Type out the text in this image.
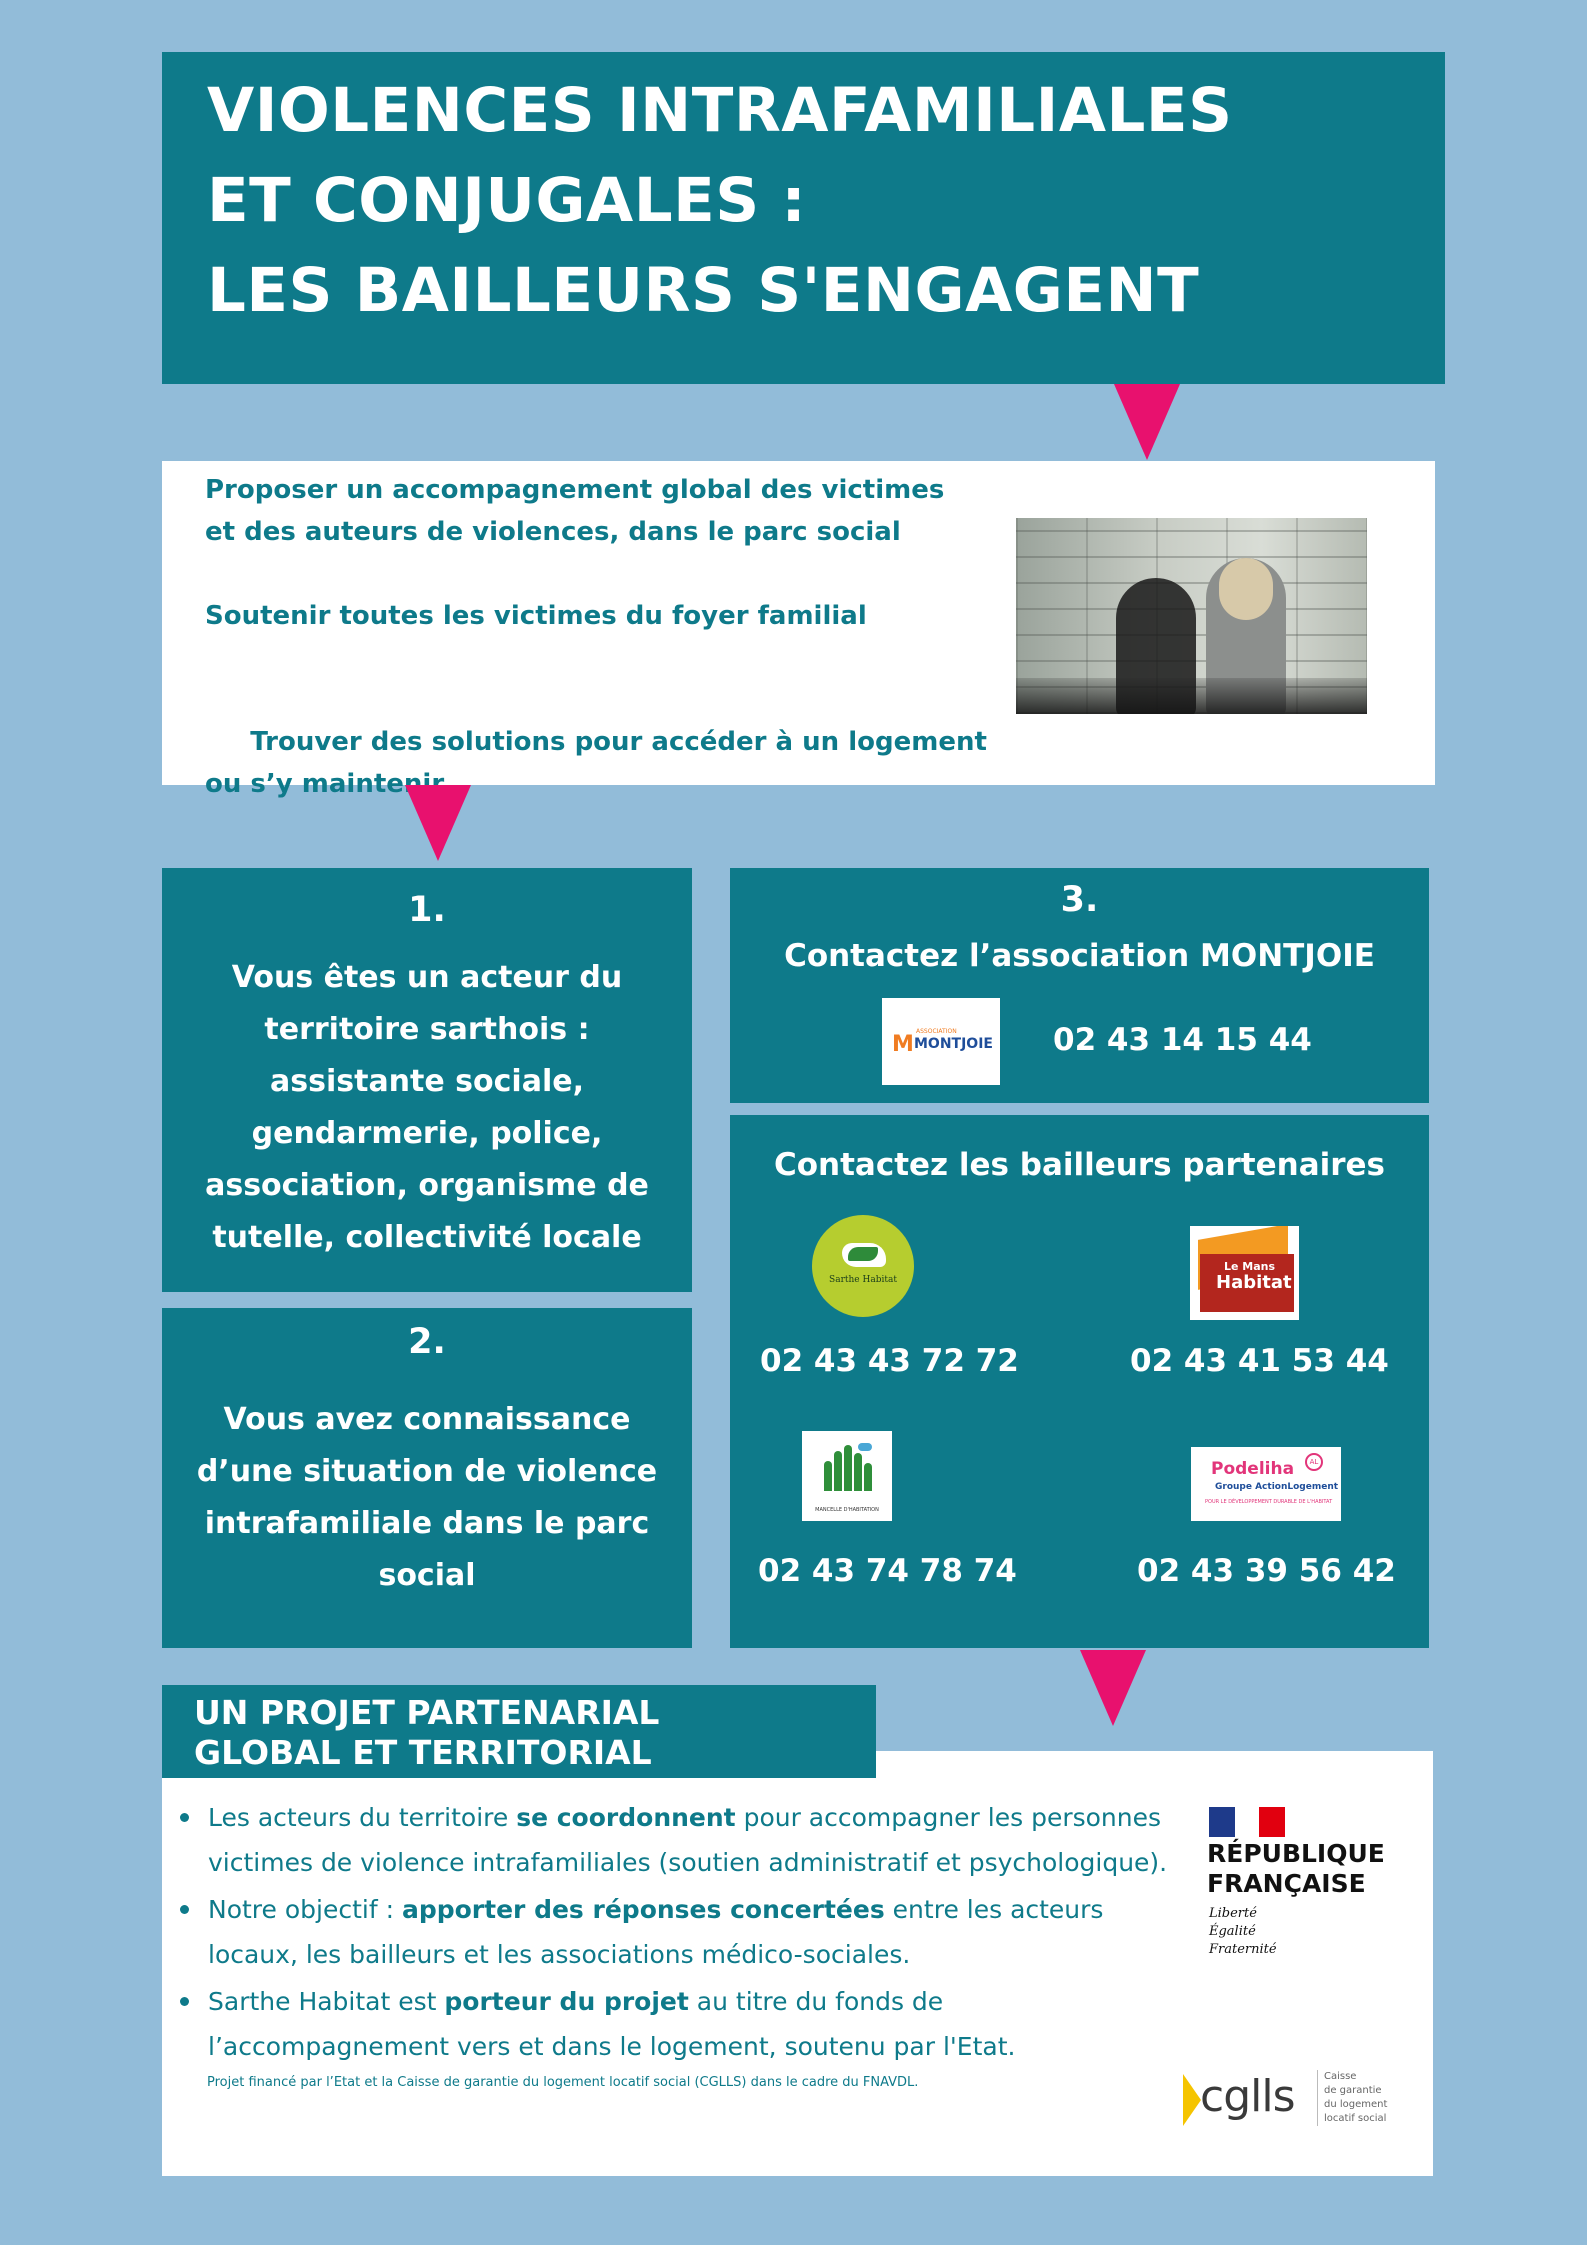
VIOLENCES INTRAFAMILIALES
ET CONJUGALES :
LES BAILLEURS S'ENGAGENT

Proposer un accompagnement global des victimes
et des auteurs de violences, dans le parc social

Soutenir toutes les victimes du foyer familial

Trouver des solutions pour accéder à un logement
ou s’y maintenir

1.
Vous êtes un acteur du
territoire sarthois :
assistante sociale,
gendarmerie, police,
association, organisme de
tutelle, collectivité locale
2.
Vous avez connaissance
d’une situation de violence
intrafamiliale dans le parc
social
3.
Contactez l’association MONTJOIE
M
ASSOCIATION
MONTJOIE 02 43 14 15 44
Contactez les bailleurs partenaires
Sarthe Habitat
02 43 43 72 72
Le Mans
Habitat
02 43 41 53 44
MANCELLE D'HABITATION
02 43 74 78 74
Podeliha	AL
Groupe ActionLogement
POUR LE DÉVELOPPEMENT DURABLE DE L'HABITAT
02 43 39 56 42
UN PROJET PARTENARIAL
GLOBAL ET TERRITORIAL
Les acteurs du territoire se coordonnent pour accompagner les personnes victimes de violence intrafamiliales (soutien administratif et psychologique).
Notre objectif : apporter des réponses concertées entre les acteurs locaux, les bailleurs et les associations médico-sociales.
Sarthe Habitat est porteur du projet au titre du fonds de l’accompagnement vers et dans le logement, soutenu par l'Etat.
Projet financé par l’Etat et la Caisse de garantie du logement locatif social (CGLLS) dans le cadre du FNAVDL.
RÉPUBLIQUE
FRANÇAISE
Liberté
Égalité
Fraternité
cglls	Caisse
de garantie
du logement
locatif social
